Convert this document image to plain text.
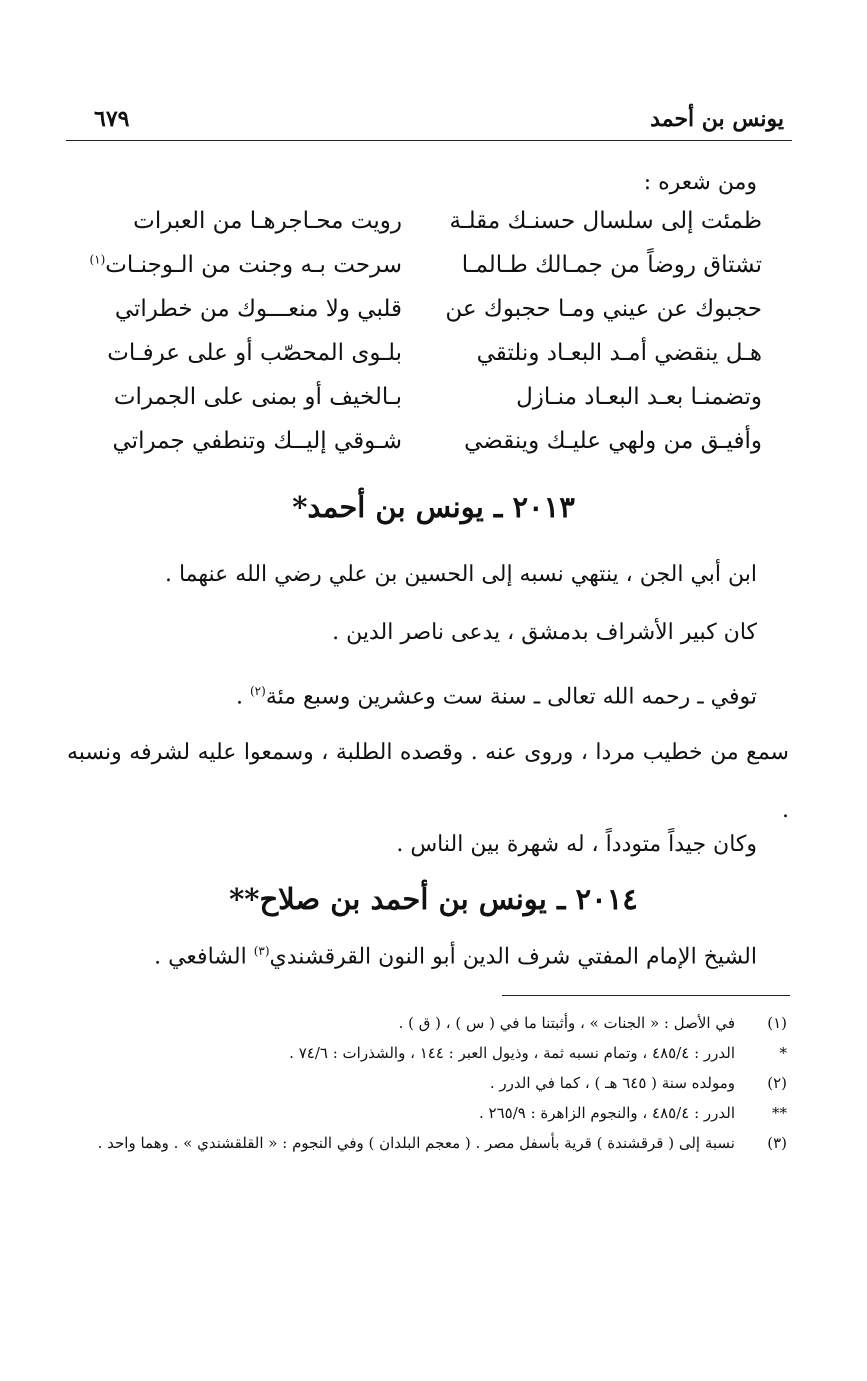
يونس بن أحمد
٦٧٩
ومن شعره :
ظمئت إلى سلسال حسنـك مقلـة
رويت محـاجرهـا من العبرات
تشتاق روضاً من جمـالك طـالمـا
سرحت بـه وجنت من الـوجنـات$^{(١)}$
حجبوك عن عيني ومـا حجبوك عن
قلبي ولا منعـــوك من خطراتي
هـل ينقضي أمـد البعـاد ونلتقي
بلـوى المحصّب أو على عرفـات
وتضمنـا بعـد البعـاد منـازل
بـالخيف أو بمنى على الجمرات
وأفيـق من ولهي عليـك وينقضي
شـوقي إليــك وتنطفي جمراتي
٢٠١٣ ـ يونس بن أحمد*
ابن أبي الجن ، ينتهي نسبه إلى الحسين بن علي رضي الله عنهما .
كان كبير الأشراف بدمشق ، يدعى ناصر الدين .
توفي ـ رحمه الله تعالى ـ سنة ست وعشرين وسبع مئة$^{(٢)}$ .
سمع من خطيب مردا ، وروى عنه . وقصده الطلبة ، وسمعوا عليه لشرفه ونسبه .
وكان جيداً متودداً ، له شهرة بين الناس .
٢٠١٤ ـ يونس بن أحمد بن صلاح**
الشيخ الإمام المفتي شرف الدين أبو النون القرقشندي$^{(٣)}$ الشافعي .
(١)
في الأصل : « الجنات » ، وأثبتنا ما في ( س ) ، ( ق ) .
*
الدرر : ٤٨٥/٤ ، وتمام نسبه ثمة ، وذيول العبر : ١٤٤ ، والشذرات : ٧٤/٦ .
(٢)
ومولده سنة ( ٦٤٥ هـ ) ، كما في الدرر .
**
الدرر : ٤٨٥/٤ ، والنجوم الزاهرة : ٢٦٥/٩ .
(٣)
نسبة إلى ( قرقشندة ) قرية بأسفل مصر . ( معجم البلدان ) وفي النجوم : « القلقشندي » . وهما واحد .
